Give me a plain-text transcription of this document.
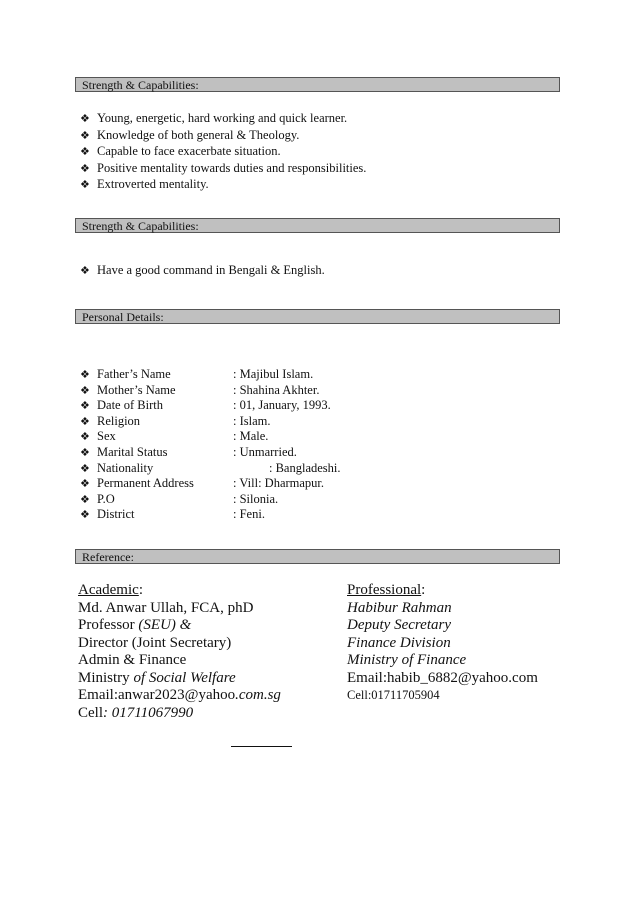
Strength & Capabilities:
Strength & Capabilities:
Personal Details:
Reference:
❖ Young, energetic, hard working and quick learner.
❖ Knowledge of both general & Theology.
❖ Capable to face exacerbate situation.
❖ Positive mentality towards duties and responsibilities.
❖ Extroverted mentality.
❖ Have a good command in Bengali & English.
❖ Father’s Name	: Majibul Islam.
❖ Mother’s Name	: Shahina Akhter.
❖ Date of Birth	: 01, January, 1993.
❖ Religion	: Islam.
❖ Sex	: Male.
❖ Marital Status	: Unmarried.
❖ Nationality	: Bangladeshi.
❖ Permanent Address	: Vill: Dharmapur.
❖ P.O	: Silonia.
❖ District	: Feni.
Academic:
Md. Anwar Ullah, FCA, phD
Professor (SEU) &
Director (Joint Secretary)
Admin & Finance
Ministry of Social Welfare
Email:anwar2023@yahoo.com.sg
Cell: 01711067990
Professional:
Habibur Rahman
Deputy Secretary
Finance Division
Ministry of Finance
Email:habib_6882@yahoo.com
Cell:01711705904
